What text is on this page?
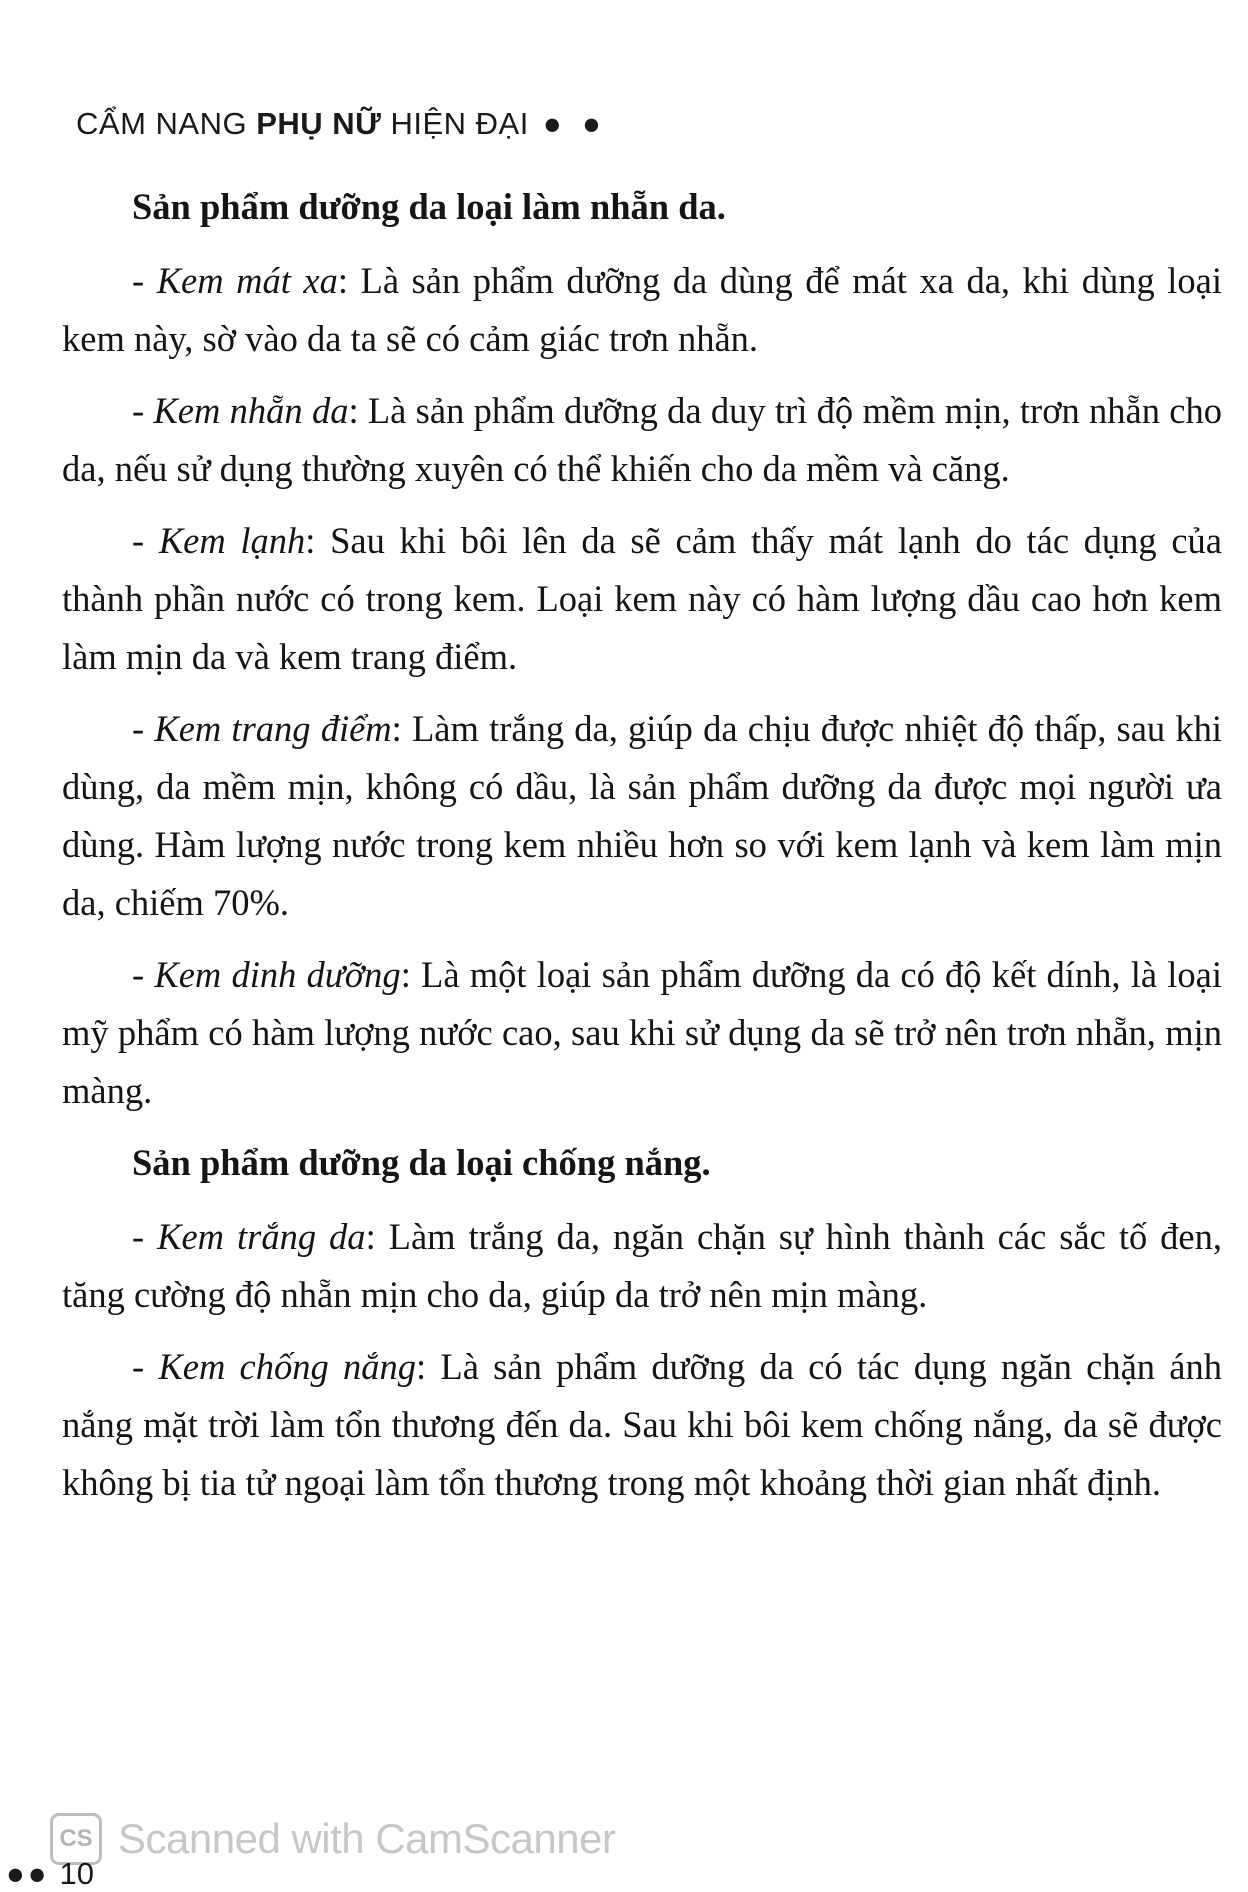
CẨM NANG PHỤ NỮ HIỆN ĐẠI ● ●
Sản phẩm dưỡng da loại làm nhẵn da.

- Kem mát xa: Là sản phẩm dưỡng da dùng để mát xa da, khi dùng loại kem này, sờ vào da ta sẽ có cảm giác trơn nhẵn.

- Kem nhẵn da: Là sản phẩm dưỡng da duy trì độ mềm mịn, trơn nhẵn cho da, nếu sử dụng thường xuyên có thể khiến cho da mềm và căng.

- Kem lạnh: Sau khi bôi lên da sẽ cảm thấy mát lạnh do tác dụng của thành phần nước có trong kem. Loại kem này có hàm lượng dầu cao hơn kem làm mịn da và kem trang điểm.

- Kem trang điểm: Làm trắng da, giúp da chịu được nhiệt độ thấp, sau khi dùng, da mềm mịn, không có dầu, là sản phẩm dưỡng da được mọi người ưa dùng. Hàm lượng nước trong kem nhiều hơn so với kem lạnh và kem làm mịn da, chiếm 70%.

- Kem dinh dưỡng: Là một loại sản phẩm dưỡng da có độ kết dính, là loại mỹ phẩm có hàm lượng nước cao, sau khi sử dụng da sẽ trở nên trơn nhẵn, mịn màng.

Sản phẩm dưỡng da loại chống nắng.

- Kem trắng da: Làm trắng da, ngăn chặn sự hình thành các sắc tố đen, tăng cường độ nhẵn mịn cho da, giúp da trở nên mịn màng.

- Kem chống nắng: Là sản phẩm dưỡng da có tác dụng ngăn chặn ánh nắng mặt trời làm tổn thương đến da. Sau khi bôi kem chống nắng, da sẽ được không bị tia tử ngoại làm tổn thương trong một khoảng thời gian nhất định.

CS Scanned with CamScanner
●● 10
